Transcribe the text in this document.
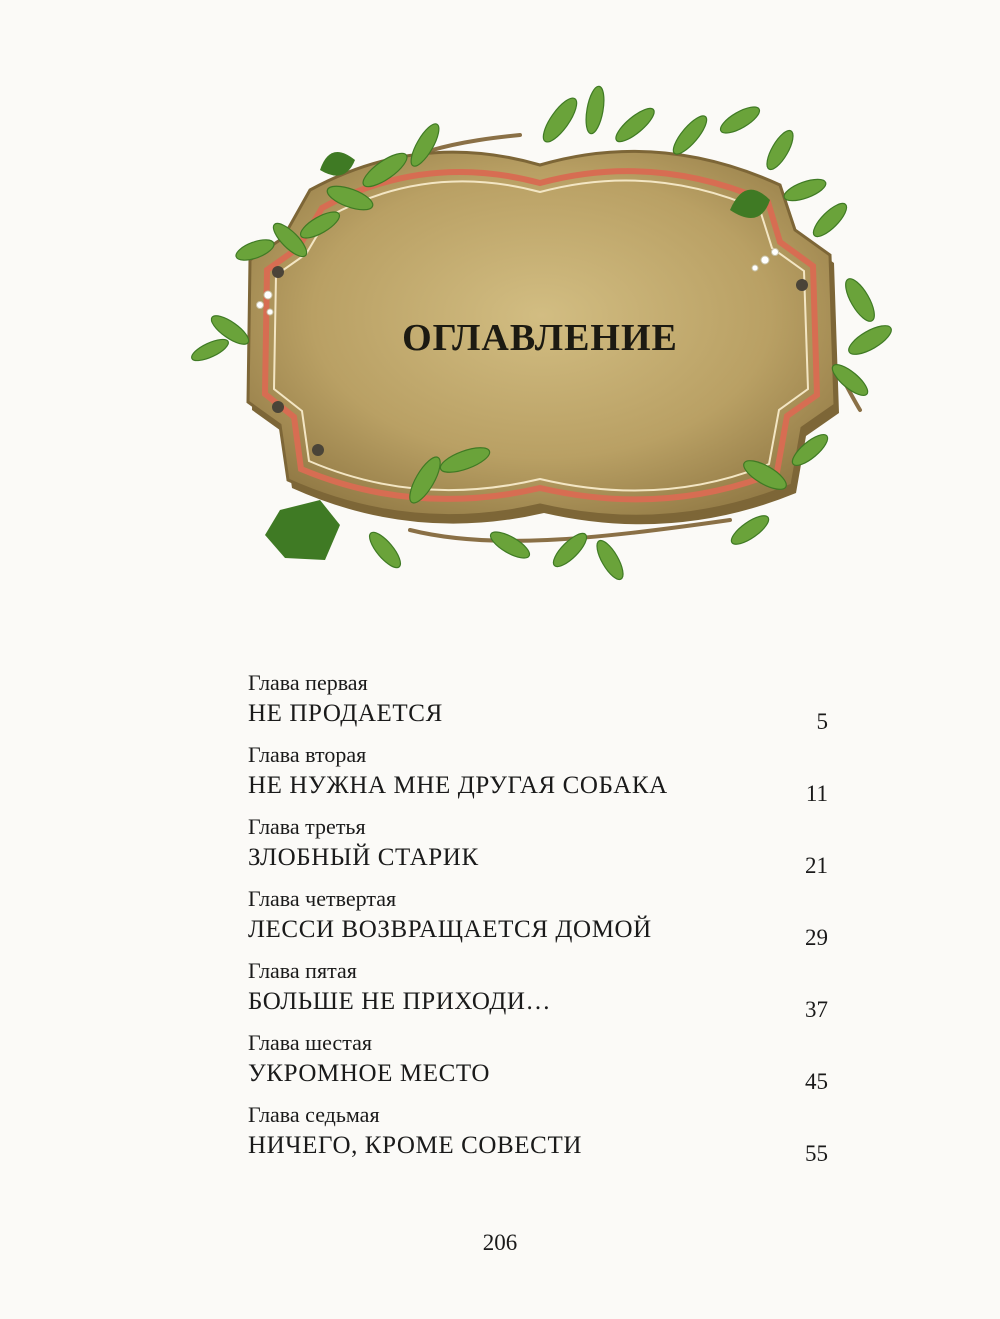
ОГЛАВЛЕНИЕ
Глава первая
НЕ ПРОДАЕТСЯ	5
Глава вторая
НЕ НУЖНА МНЕ ДРУГАЯ СОБАКА	11
Глава третья
ЗЛОБНЫЙ СТАРИК	21
Глава четвертая
ЛЕССИ ВОЗВРАЩАЕТСЯ ДОМОЙ	29
Глава пятая
БОЛЬШЕ НЕ ПРИХОДИ…	37
Глава шестая
УКРОМНОЕ МЕСТО	45
Глава седьмая
НИЧЕГО, КРОМЕ СОВЕСТИ	55
206
